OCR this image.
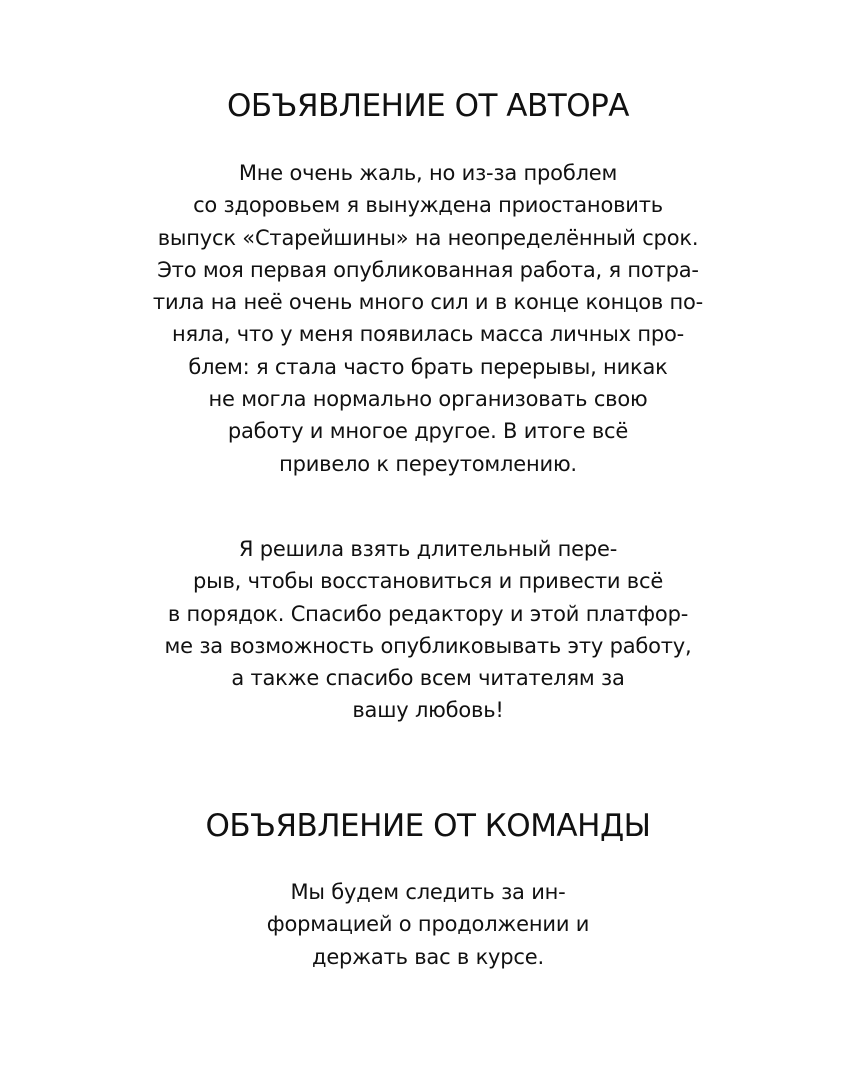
ОБЪЯВЛЕНИЕ ОТ АВТОРА

Мне очень жаль, но из-за проблем
со здоровьем я вынуждена приостановить
выпуск «Старейшины» на неопределённый срок.
Это моя первая опубликованная работа, я потра-
тила на неё очень много сил и в конце концов по-
няла, что у меня появилась масса личных про-
блем: я стала часто брать перерывы, никак
не могла нормально организовать свою
работу и многое другое. В итоге всё
привело к переутомлению.

Я решила взять длительный пере-
рыв, чтобы восстановиться и привести всё
в порядок. Спасибо редактору и этой платфор-
ме за возможность опубликовывать эту работу,
а также спасибо всем читателям за
вашу любовь!

ОБЪЯВЛЕНИЕ ОТ КОМАНДЫ

Мы будем следить за ин-
формацией о продолжении и
держать вас в курсе.
